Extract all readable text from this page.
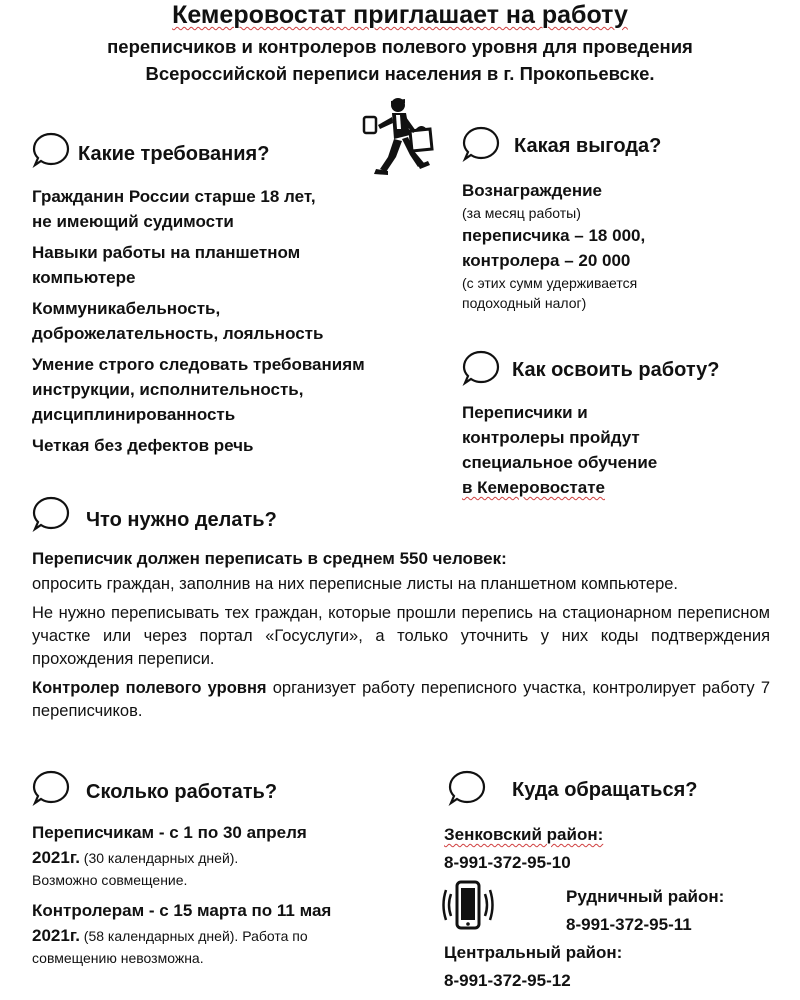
Кемеровостат приглашает на работу
переписчиков и контролеров полевого уровня для проведения
Всероссийской переписи населения в г. Прокопьевске.
Какие требования?
Гражданин России старше 18 лет,
не имеющий судимости
Навыки работы на планшетном
компьютере
Коммуникабельность,
доброжелательность, лояльность
Умение строго следовать требованиям
инструкции, исполнительность,
дисциплинированность
Четкая без дефектов речь
Какая выгода?
Вознаграждение
(за месяц работы)
переписчика – 18 000,
контролера – 20 000
(с этих сумм удерживается
подоходный налог)
Как освоить работу?
Переписчики и
контролеры пройдут
специальное обучение
в Кемеровостате
Что нужно делать?
Переписчик должен переписать в среднем 550 человек:
опросить граждан, заполнив на них переписные листы на планшетном компьютере.
Не нужно переписывать тех граждан, которые прошли перепись на стационарном переписном участке или через портал «Госуслуги», а только уточнить у них коды подтверждения прохождения переписи.
Контролер полевого уровня организует работу переписного участка, контролирует работу 7 переписчиков.
Сколько работать?
Переписчикам - с 1 по 30 апреля
2021г. (30 календарных дней).
Возможно совмещение.
Контролерам - с 15 марта по 11 мая
2021г. (58 календарных дней). Работа по
совмещению невозможна.
Куда обращаться?
Зенковский район:
8-991-372-95-10
Рудничный район:
8-991-372-95-11
Центральный район:
8-991-372-95-12
